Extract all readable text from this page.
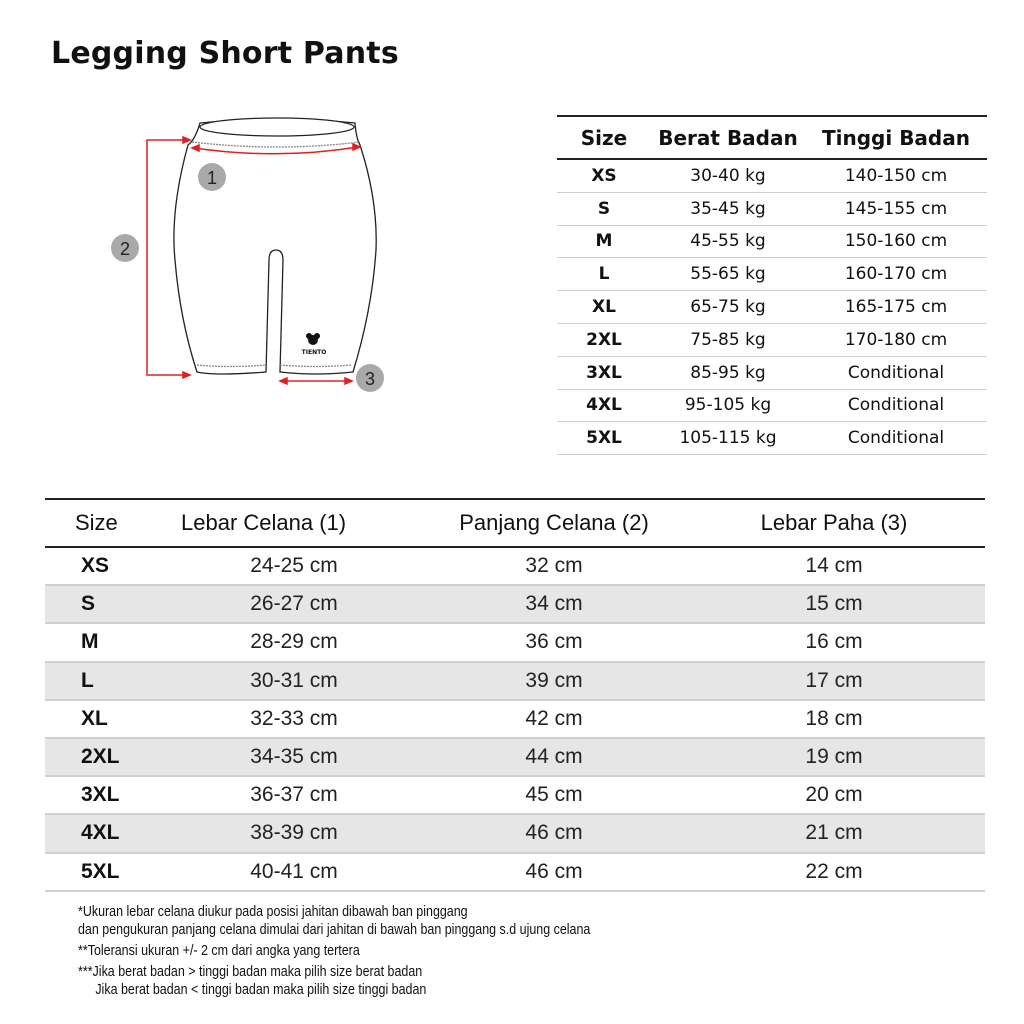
Legging Short Pants
TIENTO
1
2
3
Size	Berat Badan	Tinggi Badan
XS	30-40 kg	140-150 cm
S	35-45 kg	145-155 cm
M	45-55 kg	150-160 cm
L	55-65 kg	160-170 cm
XL	65-75 kg	165-175 cm
2XL	75-85 kg	170-180 cm
3XL	85-95 kg	Conditional
4XL	95-105 kg	Conditional
5XL	105-115 kg	Conditional
Size	Lebar Celana (1)	Panjang Celana (2)	Lebar Paha (3)
XS	24-25 cm	32 cm	14 cm
S	26-27 cm	34 cm	15 cm
M	28-29 cm	36 cm	16 cm
L	30-31 cm	39 cm	17 cm
XL	32-33 cm	42 cm	18 cm
2XL	34-35 cm	44 cm	19 cm
3XL	36-37 cm	45 cm	20 cm
4XL	38-39 cm	46 cm	21 cm
5XL	40-41 cm	46 cm	22 cm

*Ukuran lebar celana diukur pada posisi jahitan dibawah ban pinggang

dan pengukuran panjang celana dimulai dari jahitan di bawah ban pinggang s.d ujung celana

**Toleransi ukuran +/- 2 cm dari angka yang tertera

***Jika berat badan > tinggi badan maka pilih size berat badan

Jika berat badan < tinggi badan maka pilih size tinggi badan
